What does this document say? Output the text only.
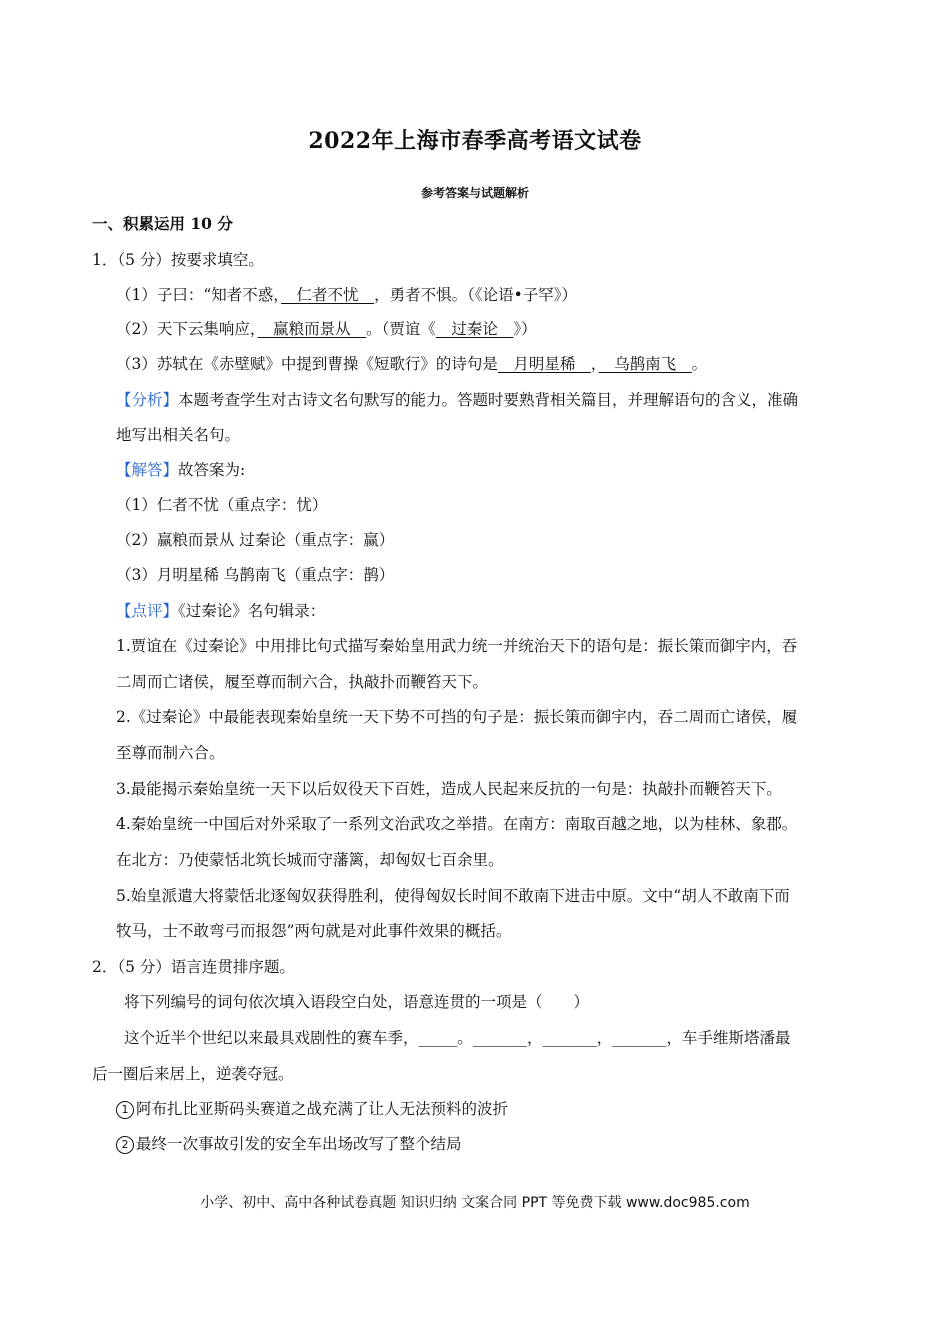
2022年上海市春季高考语文试卷
参考答案与试题解析
一、积累运用 10 分
1．（5 分）按要求填空。
（1）子曰：“知者不惑，　仁者不忧　，勇者不惧。（《论语•子罕》）
（2）天下云集响应，　赢粮而景从　。（贾谊《　过秦论　》）
（3）苏轼在《赤壁赋》中提到曹操《短歌行》的诗句是　月明星稀　，　乌鹊南飞　。
【分析】本题考查学生对古诗文名句默写的能力。答题时要熟背相关篇目，并理解语句的含义，准确
地写出相关名句。
【解答】故答案为:
（1）仁者不忧（重点字：忧）
（2）赢粮而景从 过秦论（重点字：赢）
（3）月明星稀 乌鹊南飞（重点字：鹊）
【点评】《过秦论》名句辑录：
1.贾谊在《过秦论》中用排比句式描写秦始皇用武力统一并统治天下的语句是：振长策而御宇内，吞
二周而亡诸侯，履至尊而制六合，执敲扑而鞭笞天下。
2.《过秦论》中最能表现秦始皇统一天下势不可挡的句子是：振长策而御宇内，吞二周而亡诸侯，履
至尊而制六合。
3.最能揭示秦始皇统一天下以后奴役天下百姓，造成人民起来反抗的一句是：执敲扑而鞭笞天下。
4.秦始皇统一中国后对外采取了一系列文治武攻之举措。在南方：南取百越之地，以为桂林、象郡。
在北方：乃使蒙恬北筑长城而守藩篱，却匈奴七百余里。
5.始皇派遣大将蒙恬北逐匈奴获得胜利，使得匈奴长时间不敢南下进击中原。文中“胡人不敢南下而
牧马，士不敢弯弓而报怨”两句就是对此事件效果的概括。
2．（5 分）语言连贯排序题。
将下列编号的词句依次填入语段空白处，语意连贯的一项是（　　）
这个近半个世纪以来最具戏剧性的赛车季，_____。_______，_______，_______，车手维斯塔潘最
后一圈后来居上，逆袭夺冠。
1 阿布扎比亚斯码头赛道之战充满了让人无法预料的波折
2 最终一次事故引发的安全车出场改写了整个结局
小学、初中、高中各种试卷真题 知识归纳 文案合同 PPT 等免费下载 www.doc985.com
